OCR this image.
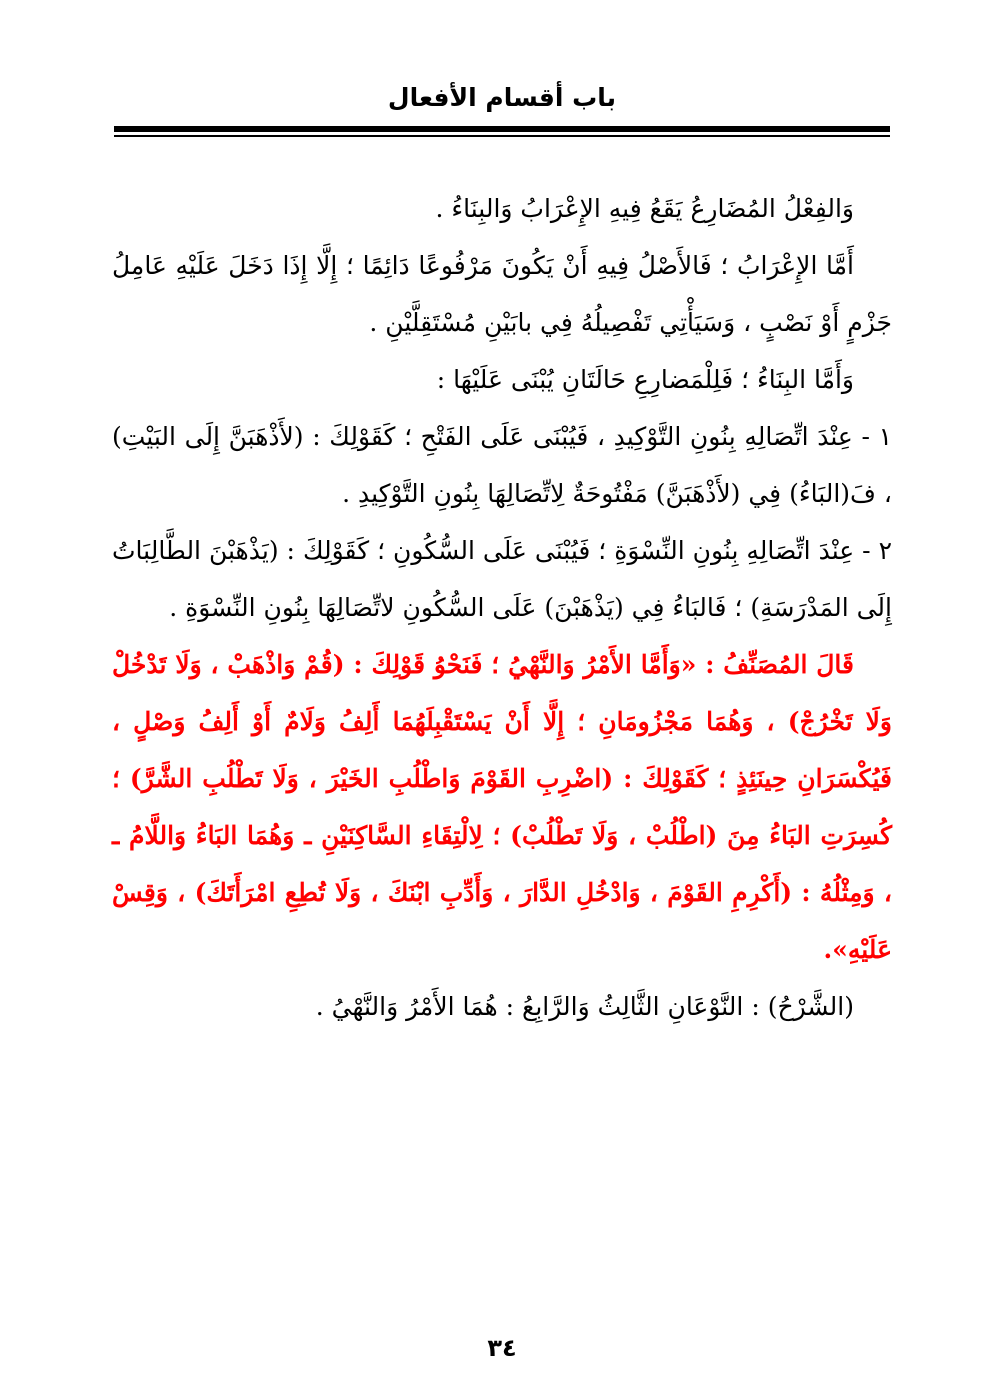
باب أقسام الأفعال

وَالفِعْلُ المُضَارِعُ يَقَعُ فِيهِ الإِعْرَابُ وَالبِنَاءُ .

أَمَّا الإِعْرَابُ ؛ فَالأَصْلُ فِيهِ أَنْ يَكُونَ مَرْفُوعًا دَائِمًا ؛ إِلَّا إِذَا دَخَلَ عَلَيْهِ عَامِلُ جَزْمٍ أَوْ نَصْبٍ ، وَسَيَأْتِي تَفْصِيلُهُ فِي بابَيْنِ مُسْتَقِلَّيْنِ .

وَأَمَّا البِنَاءُ ؛ فَلِلْمَضارِعِ حَالَتَانِ يُبْنَى عَلَيْهَا :

١ - عِنْدَ اتِّصَالِهِ بِنُونِ التَّوْكِيدِ ، فَيُبْنَى عَلَى الفَتْحِ ؛ كَقَوْلِكَ : (لأَذْهَبَنَّ إِلَى البَيْتِ) ، فَ(البَاءُ) فِي (لأَذْهَبَنَّ) مَفْتُوحَةٌ لِاتِّصَالِهَا بِنُونِ التَّوْكِيدِ .

٢ - عِنْدَ اتِّصَالِهِ بِنُونِ النِّسْوَةِ ؛ فَيُبْنَى عَلَى السُّكُونِ ؛ كَقَوْلِكَ : (يَذْهَبْنَ الطَّالِبَاتُ إِلَى المَدْرَسَةِ) ؛ فَالبَاءُ فِي (يَذْهَبْنَ) عَلَى السُّكُونِ لاتِّصَالِهَا بِنُونِ النِّسْوَةِ .

قَالَ المُصَنِّفُ : «وَأَمَّا الأَمْرُ وَالنَّهْيُ ؛ فَنَحْوُ قَوْلِكَ : (قُمْ وَاذْهَبْ ، وَلَا تَدْخُلْ وَلَا تَخْرُجْ) ، وَهُمَا مَجْزُومَانِ ؛ إِلَّا أَنْ يَسْتَقْبِلَهُمَا أَلِفُ وَلَامٌ أَوْ أَلِفُ وَصْلٍ ، فَيُكْسَرَانِ حِينَئِذٍ ؛ كَقَوْلِكَ : (اضْرِبِ القَوْمَ وَاطْلُبِ الخَيْرَ ، وَلَا تَطْلُبِ الشَّرَّ) ؛ كُسِرَتِ البَاءُ مِنَ (اطْلُبْ ، وَلَا تَطْلُبْ) ؛ لِالْتِقَاءِ السَّاكِنَيْنِ ـ وَهُمَا البَاءُ وَاللَّامُ ـ ، وَمِثْلُهُ : (أَكْرِمِ القَوْمَ ، وَادْخُلِ الدَّارَ ، وَأَدِّبِ ابْنَكَ ، وَلَا تُطِعِ امْرَأَتَكَ) ، وَقِسْ عَلَيْهِ».

(الشَّرْحُ) : النَّوْعَانِ الثَّالِثُ وَالرَّابِعُ : هُمَا الأَمْرُ وَالنَّهْيُ .

٣٤
